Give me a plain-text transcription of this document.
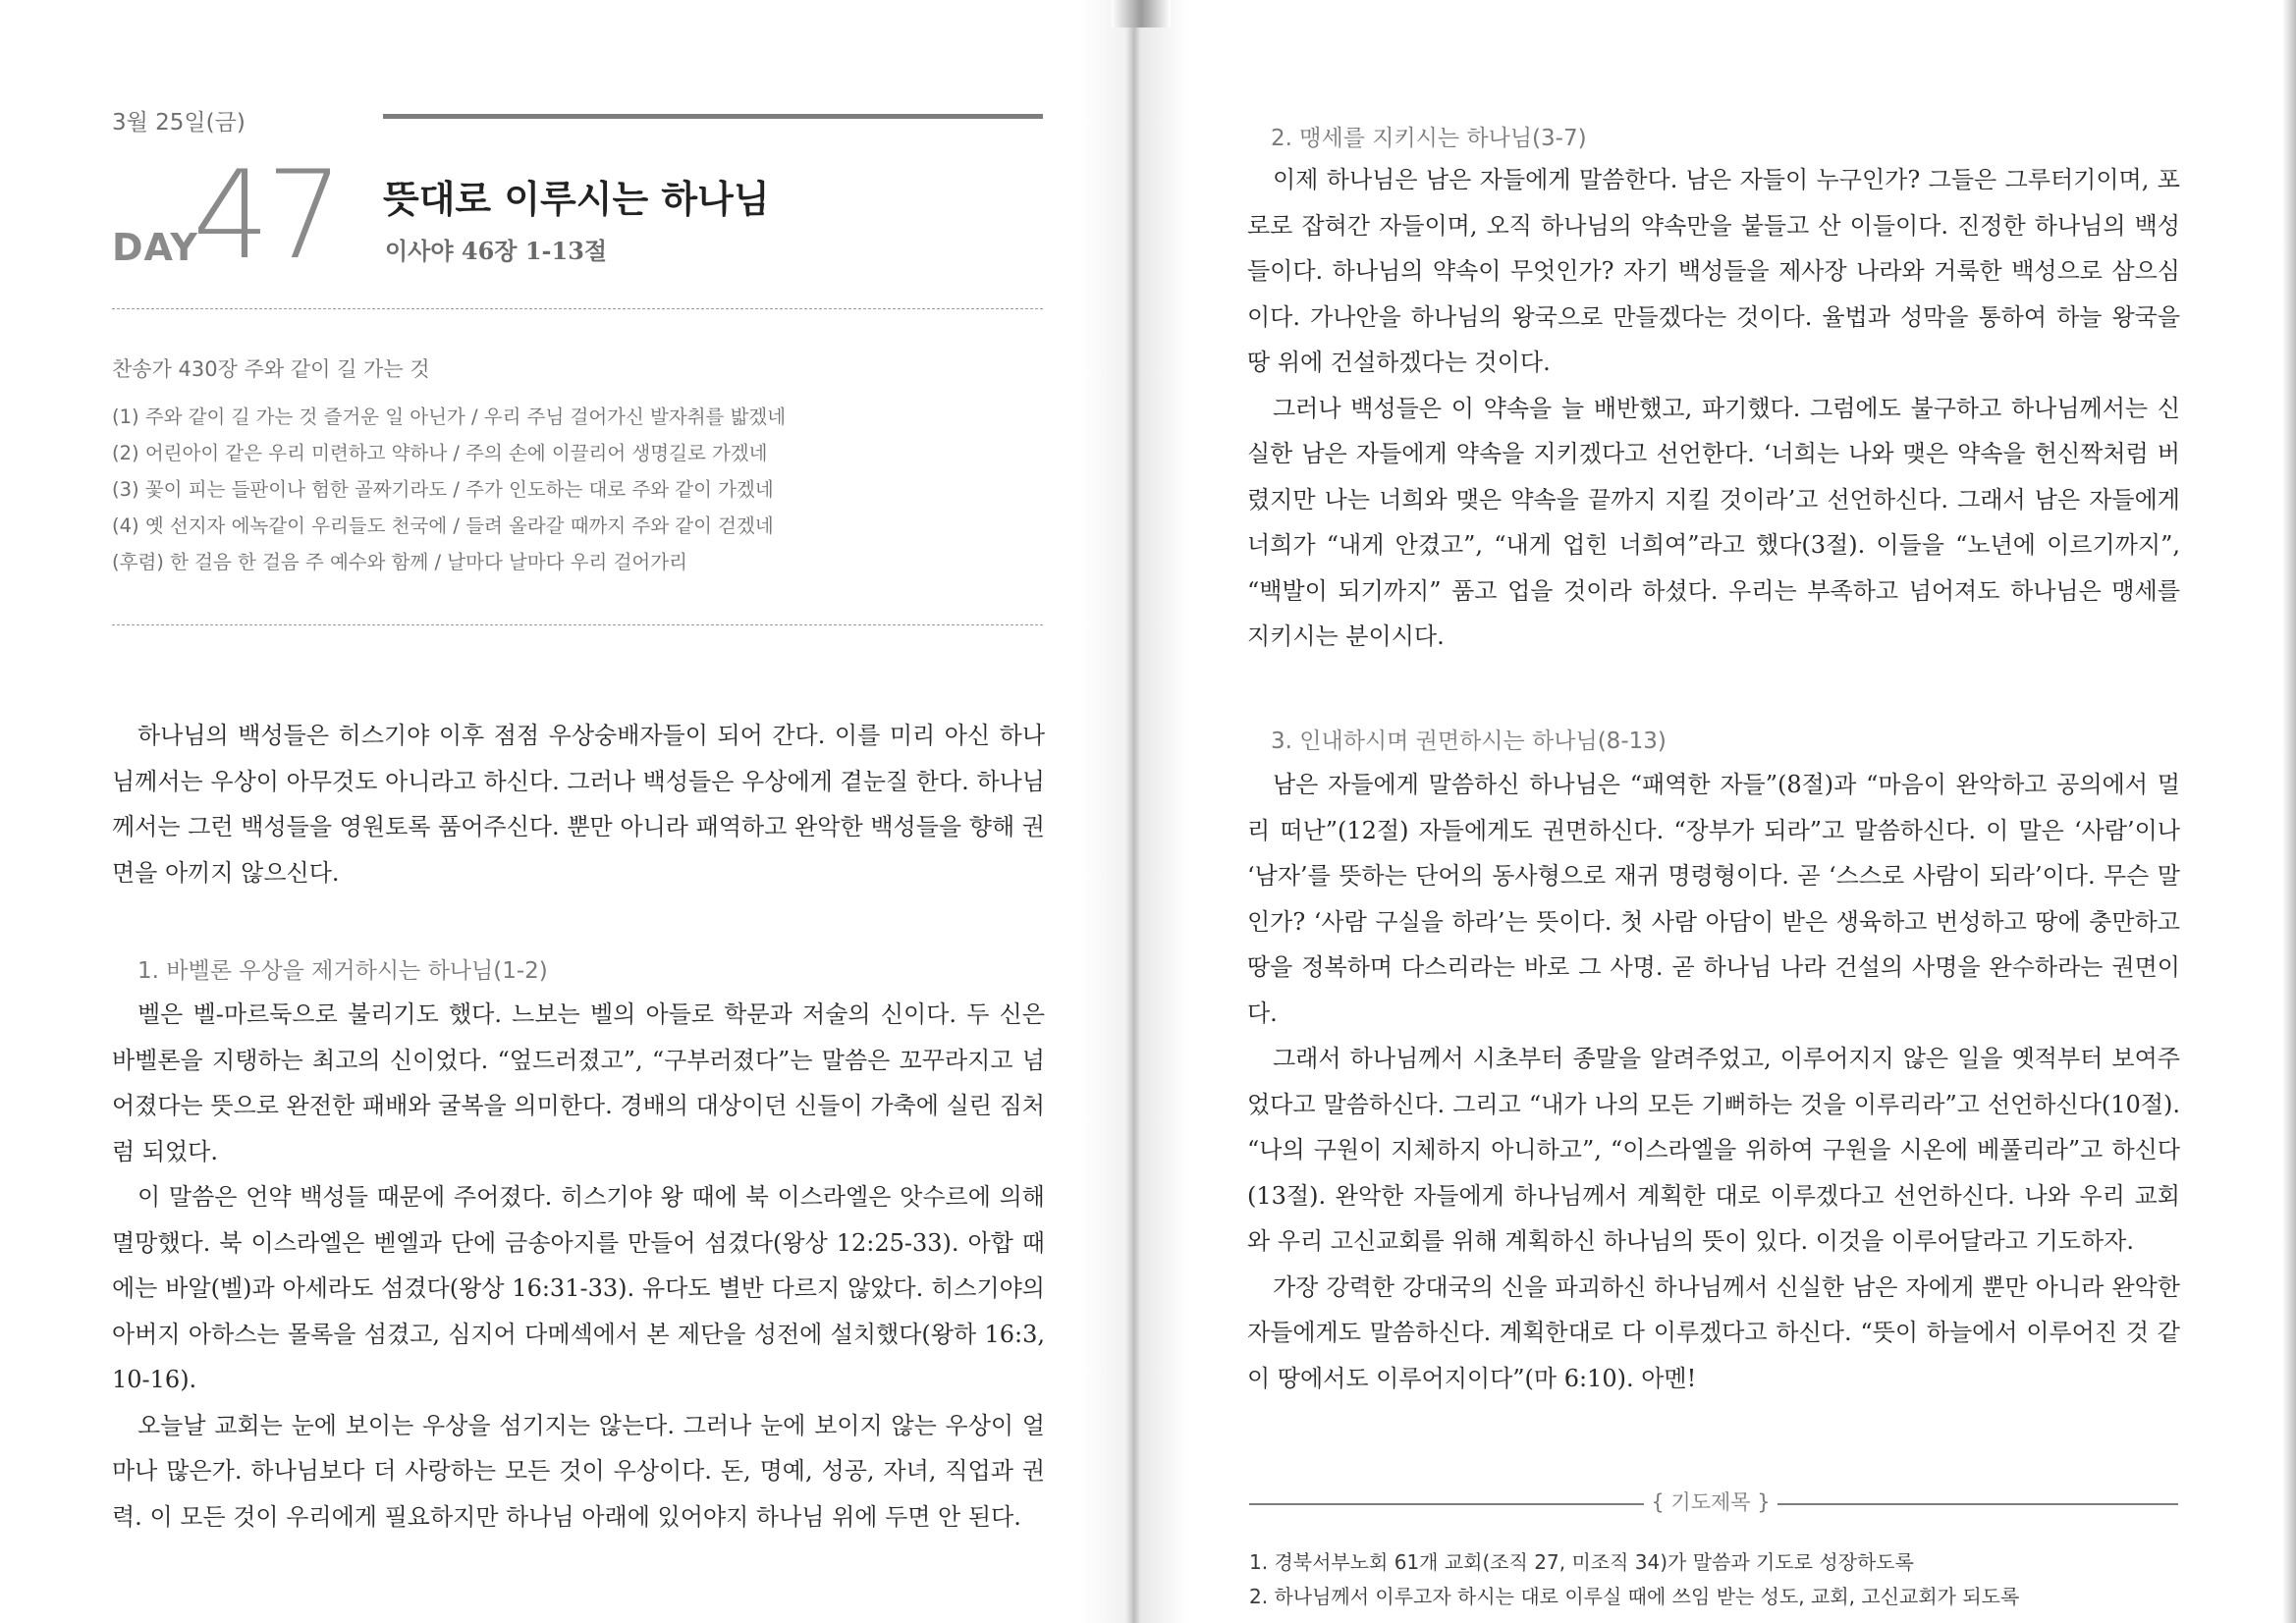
3월 25일(금)
DAY
47 뜻대로 이루시는 하나님
이사야 46장 1-13절
찬송가 430장 주와 같이 길 가는 것
(1) 주와 같이 길 가는 것 즐거운 일 아닌가 / 우리 주님 걸어가신 발자취를 밟겠네
(2) 어린아이 같은 우리 미련하고 약하나 / 주의 손에 이끌리어 생명길로 가겠네
(3) 꽃이 피는 들판이나 험한 골짜기라도 / 주가 인도하는 대로 주와 같이 가겠네
(4) 옛 선지자 에녹같이 우리들도 천국에 / 들려 올라갈 때까지 주와 같이 걷겠네
(후렴) 한 걸음 한 걸음 주 예수와 함께 / 날마다 날마다 우리 걸어가리

하나님의 백성들은 히스기야 이후 점점 우상숭배자들이 되어 간다. 이를 미리 아신 하나님께서는 우상이 아무것도 아니라고 하신다. 그러나 백성들은 우상에게 곁눈질 한다. 하나님께서는 그런 백성들을 영원토록 품어주신다. 뿐만 아니라 패역하고 완악한 백성들을 향해 권면을 아끼지 않으신다.

1. 바벨론 우상을 제거하시는 하나님(1-2)

벨은 벨-마르둑으로 불리기도 했다. 느보는 벨의 아들로 학문과 저술의 신이다. 두 신은 바벨론을 지탱하는 최고의 신이었다. “엎드러졌고”, “구부러졌다”는 말씀은 꼬꾸라지고 넘어졌다는 뜻으로 완전한 패배와 굴복을 의미한다. 경배의 대상이던 신들이 가축에 실린 짐처럼 되었다.

이 말씀은 언약 백성들 때문에 주어졌다. 히스기야 왕 때에 북 이스라엘은 앗수르에 의해 멸망했다. 북 이스라엘은 벧엘과 단에 금송아지를 만들어 섬겼다(왕상 12:25-33). 아합 때에는 바알(벨)과 아세라도 섬겼다(왕상 16:31-33). 유다도 별반 다르지 않았다. 히스기야의 아버지 아하스는 몰록을 섬겼고, 심지어 다메섹에서 본 제단을 성전에 설치했다(왕하 16:3, 10-16).

오늘날 교회는 눈에 보이는 우상을 섬기지는 않는다. 그러나 눈에 보이지 않는 우상이 얼마나 많은가. 하나님보다 더 사랑하는 모든 것이 우상이다. 돈, 명예, 성공, 자녀, 직업과 권력. 이 모든 것이 우리에게 필요하지만 하나님 아래에 있어야지 하나님 위에 두면 안 된다.

2. 맹세를 지키시는 하나님(3-7)

이제 하나님은 남은 자들에게 말씀한다. 남은 자들이 누구인가? 그들은 그루터기이며, 포로로 잡혀간 자들이며, 오직 하나님의 약속만을 붙들고 산 이들이다. 진정한 하나님의 백성들이다. 하나님의 약속이 무엇인가? 자기 백성들을 제사장 나라와 거룩한 백성으로 삼으심이다. 가나안을 하나님의 왕국으로 만들겠다는 것이다. 율법과 성막을 통하여 하늘 왕국을 땅 위에 건설하겠다는 것이다.

그러나 백성들은 이 약속을 늘 배반했고, 파기했다. 그럼에도 불구하고 하나님께서는 신실한 남은 자들에게 약속을 지키겠다고 선언한다. ‘너희는 나와 맺은 약속을 헌신짝처럼 버렸지만 나는 너희와 맺은 약속을 끝까지 지킬 것이라’고 선언하신다. 그래서 남은 자들에게 너희가 “내게 안겼고”, “내게 업힌 너희여”라고 했다(3절). 이들을 “노년에 이르기까지”, “백발이 되기까지” 품고 업을 것이라 하셨다. 우리는 부족하고 넘어져도 하나님은 맹세를 지키시는 분이시다.

3. 인내하시며 권면하시는 하나님(8-13)

남은 자들에게 말씀하신 하나님은 “패역한 자들”(8절)과 “마음이 완악하고 공의에서 멀리 떠난”(12절) 자들에게도 권면하신다. “장부가 되라”고 말씀하신다. 이 말은 ‘사람’이나 ‘남자’를 뜻하는 단어의 동사형으로 재귀 명령형이다. 곧 ‘스스로 사람이 되라’이다. 무슨 말인가? ‘사람 구실을 하라’는 뜻이다. 첫 사람 아담이 받은 생육하고 번성하고 땅에 충만하고 땅을 정복하며 다스리라는 바로 그 사명. 곧 하나님 나라 건설의 사명을 완수하라는 권면이다.

그래서 하나님께서 시초부터 종말을 알려주었고, 이루어지지 않은 일을 옛적부터 보여주었다고 말씀하신다. 그리고 “내가 나의 모든 기뻐하는 것을 이루리라”고 선언하신다(10절). “나의 구원이 지체하지 아니하고”, “이스라엘을 위하여 구원을 시온에 베풀리라”고 하신다(13절). 완악한 자들에게 하나님께서 계획한 대로 이루겠다고 선언하신다. 나와 우리 교회와 우리 고신교회를 위해 계획하신 하나님의 뜻이 있다. 이것을 이루어달라고 기도하자.

가장 강력한 강대국의 신을 파괴하신 하나님께서 신실한 남은 자에게 뿐만 아니라 완악한 자들에게도 말씀하신다. 계획한대로 다 이루겠다고 하신다. “뜻이 하늘에서 이루어진 것 같이 땅에서도 이루어지이다”(마 6:10). 아멘!

{ 기도제목 }
1. 경북서부노회 61개 교회(조직 27, 미조직 34)가 말씀과 기도로 성장하도록
2. 하나님께서 이루고자 하시는 대로 이루실 때에 쓰임 받는 성도, 교회, 고신교회가 되도록
